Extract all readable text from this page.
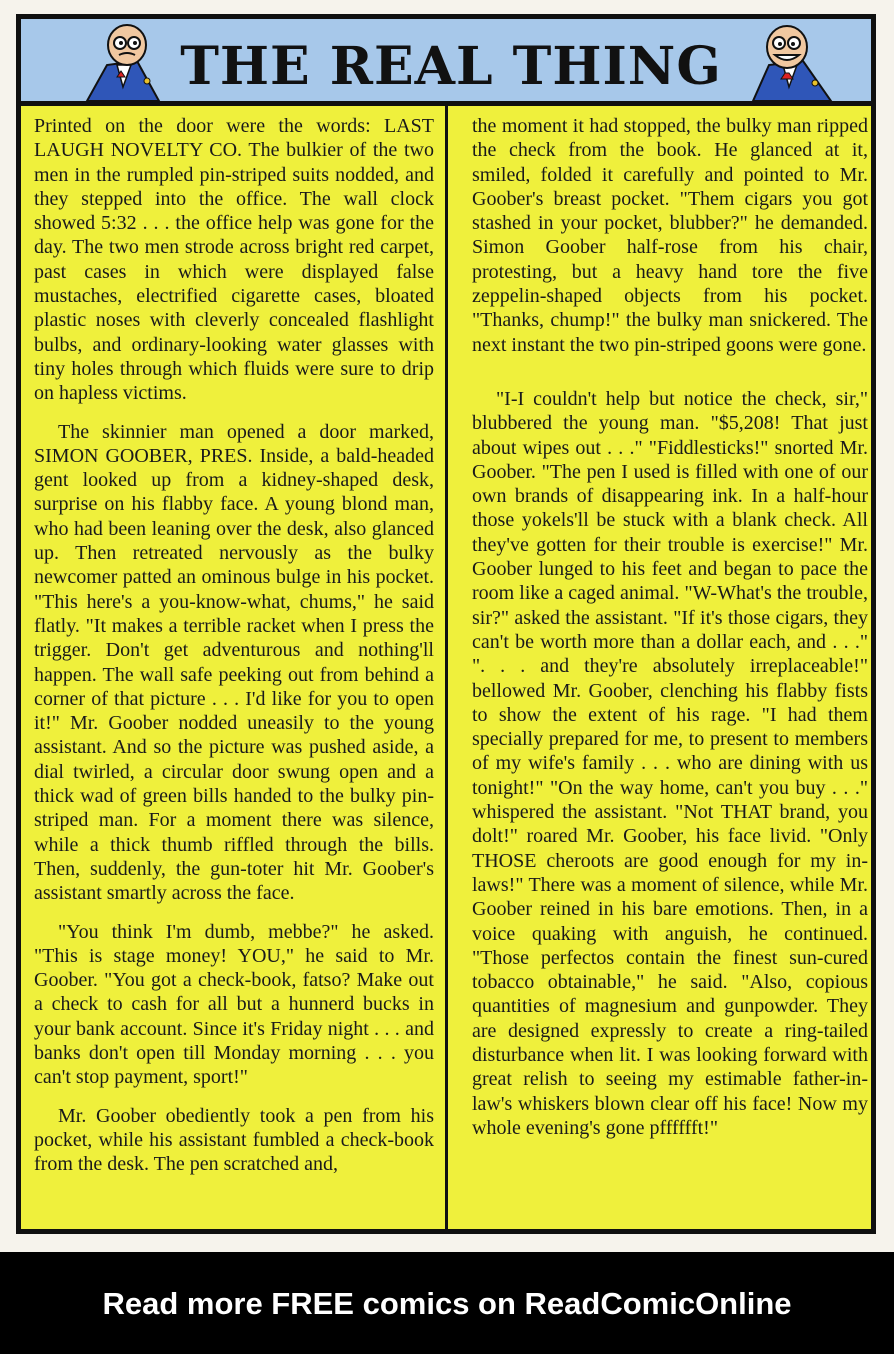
THE REAL THING

Printed on the door were the words: LAST LAUGH NOVELTY CO. The bulkier of the two men in the rumpled pin-striped suits nodded, and they stepped into the office. The wall clock showed 5:32 . . . the office help was gone for the day. The two men strode across bright red carpet, past cases in which were displayed false mustaches, electrified cigarette cases, bloated plastic noses with cleverly concealed flashlight bulbs, and ordinary-looking water glasses with tiny holes through which fluids were sure to drip on hapless victims.

The skinnier man opened a door marked, SIMON GOOBER, PRES. Inside, a bald-headed gent looked up from a kidney-shaped desk, surprise on his flabby face. A young blond man, who had been leaning over the desk, also glanced up. Then retreated nervously as the bulky newcomer patted an ominous bulge in his pocket. "This here's a you-know-what, chums," he said flatly. "It makes a terrible racket when I press the trigger. Don't get adventurous and nothing'll happen. The wall safe peeking out from behind a corner of that picture . . . I'd like for you to open it!" Mr. Goober nodded uneasily to the young assistant. And so the picture was pushed aside, a dial twirled, a circular door swung open and a thick wad of green bills handed to the bulky pin-striped man. For a moment there was silence, while a thick thumb riffled through the bills. Then, suddenly, the gun-toter hit Mr. Goober's assistant smartly across the face.

"You think I'm dumb, mebbe?" he asked. "This is stage money! YOU," he said to Mr. Goober. "You got a check-book, fatso? Make out a check to cash for all but a hunnerd bucks in your bank account. Since it's Friday night . . . and banks don't open till Monday morning . . . you can't stop payment, sport!"

Mr. Goober obediently took a pen from his pocket, while his assistant fumbled a check-book from the desk. The pen scratched and,

the moment it had stopped, the bulky man ripped the check from the book. He glanced at it, smiled, folded it carefully and pointed to Mr. Goober's breast pocket. "Them cigars you got stashed in your pocket, blubber?" he demanded. Simon Goober half-rose from his chair, protesting, but a heavy hand tore the five zeppelin-shaped objects from his pocket. "Thanks, chump!" the bulky man snickered. The next instant the two pin-striped goons were gone.

"I-I couldn't help but notice the check, sir," blubbered the young man. "$5,208! That just about wipes out . . ." "Fiddlesticks!" snorted Mr. Goober. "The pen I used is filled with one of our own brands of disappearing ink. In a half-hour those yokels'll be stuck with a blank check. All they've gotten for their trouble is exercise!" Mr. Goober lunged to his feet and began to pace the room like a caged animal. "W-What's the trouble, sir?" asked the assistant. "If it's those cigars, they can't be worth more than a dollar each, and . . ." ". . . and they're absolutely irreplaceable!" bellowed Mr. Goober, clenching his flabby fists to show the extent of his rage. "I had them specially prepared for me, to present to members of my wife's family . . . who are dining with us tonight!" "On the way home, can't you buy . . ." whispered the assistant. "Not THAT brand, you dolt!" roared Mr. Goober, his face livid. "Only THOSE cheroots are good enough for my in-laws!" There was a moment of silence, while Mr. Goober reined in his bare emotions. Then, in a voice quaking with anguish, he continued. "Those perfectos contain the finest sun-cured tobacco obtainable," he said. "Also, copious quantities of magnesium and gunpowder. They are designed expressly to create a ring-tailed disturbance when lit. I was looking forward with great relish to seeing my estimable father-in-law's whiskers blown clear off his face! Now my whole evening's gone pfffffft!"

Read more FREE comics on ReadComicOnline
